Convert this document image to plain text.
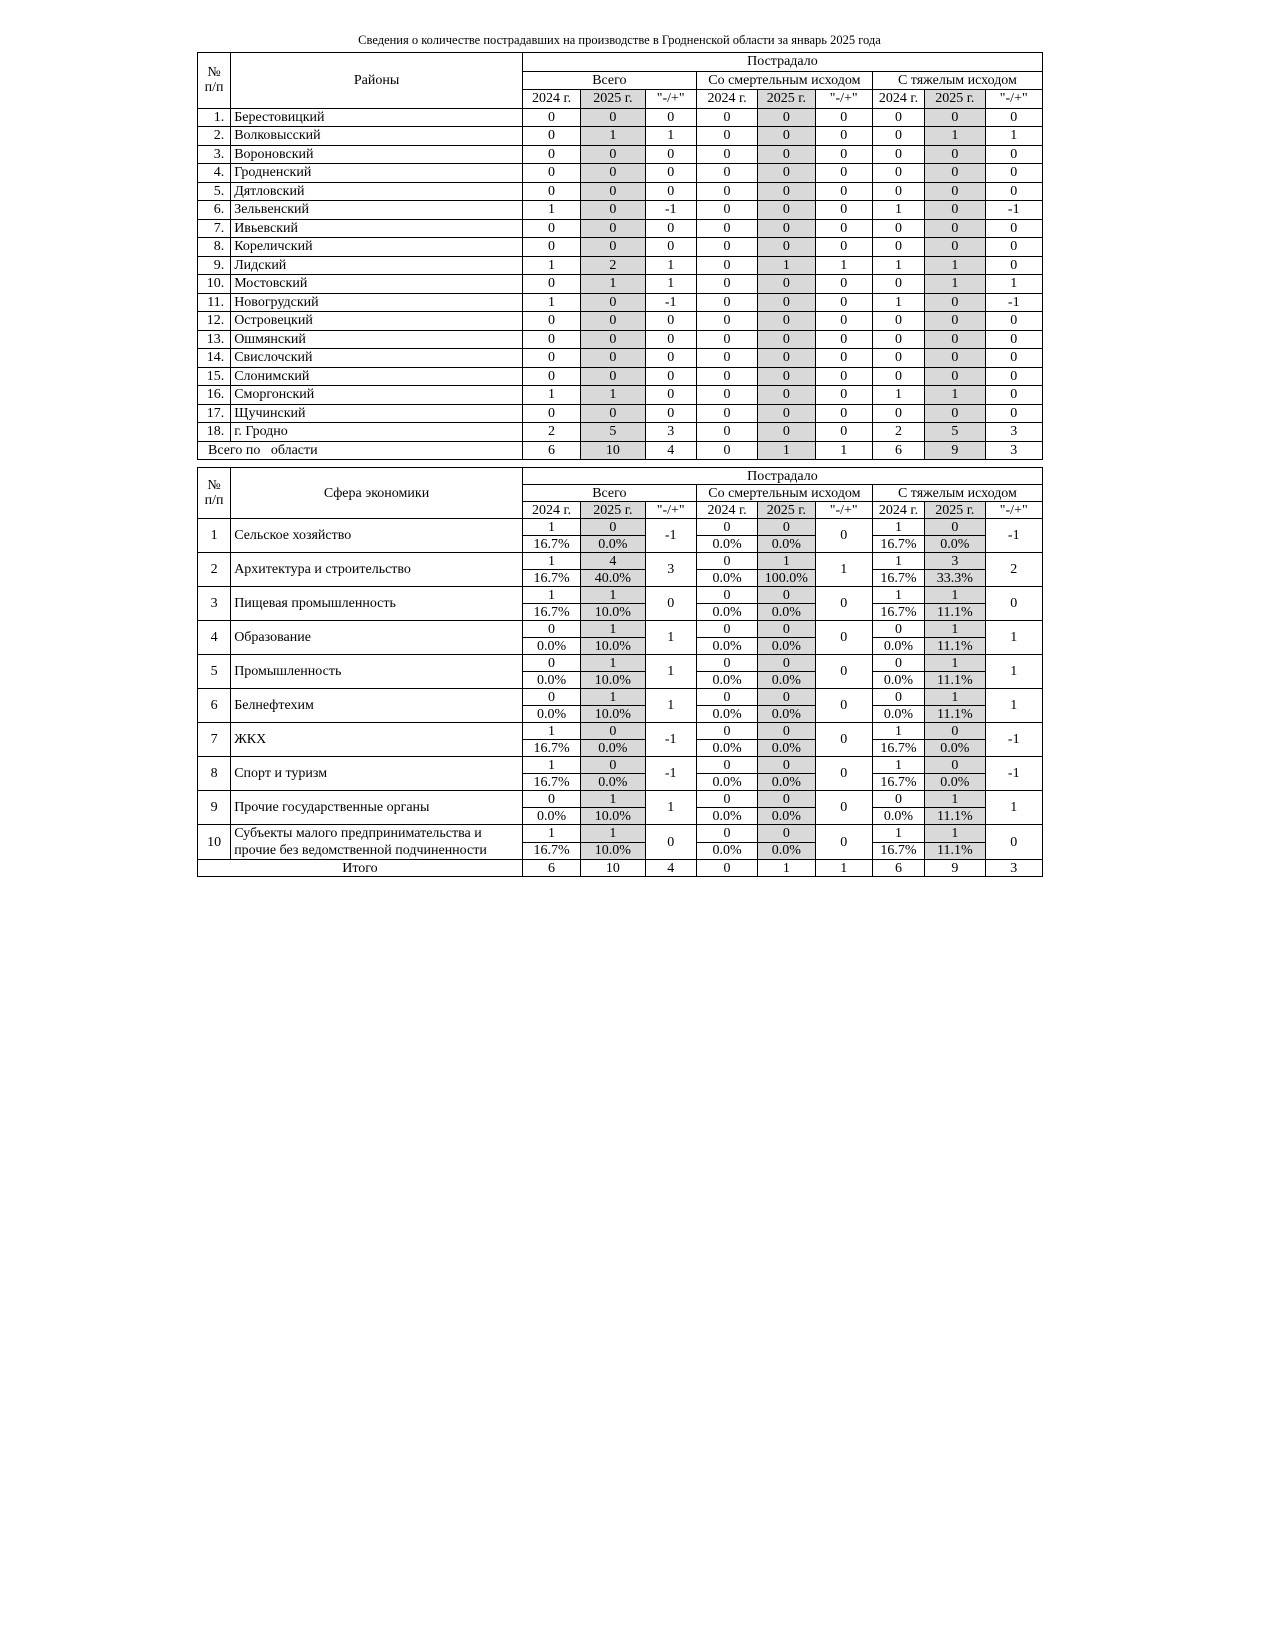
Сведения о количестве пострадавших на производстве в Гродненской области за январь 2025 года
№ п/п	Районы	Пострадало								
		Всего			Со смертельным исходом			С тяжелым исходом		
		2024 г.	2025 г.	"-/+"	2024 г.	2025 г.	"-/+"	2024 г.	2025 г.	"-/+"
1.	Берестовицкий	0	0	0	0	0	0	0	0	0
2.	Волковысский	0	1	1	0	0	0	0	1	1
3.	Вороновский	0	0	0	0	0	0	0	0	0
4.	Гродненский	0	0	0	0	0	0	0	0	0
5.	Дятловский	0	0	0	0	0	0	0	0	0
6.	Зельвенский	1	0	-1	0	0	0	1	0	-1
7.	Ивьевский	0	0	0	0	0	0	0	0	0
8.	Кореличский	0	0	0	0	0	0	0	0	0
9.	Лидский	1	2	1	0	1	1	1	1	0
10.	Мостовский	0	1	1	0	0	0	0	1	1
11.	Новогрудский	1	0	-1	0	0	0	1	0	-1
12.	Островецкий	0	0	0	0	0	0	0	0	0
13.	Ошмянский	0	0	0	0	0	0	0	0	0
14.	Свислочский	0	0	0	0	0	0	0	0	0
15.	Слонимский	0	0	0	0	0	0	0	0	0
16.	Сморгонский	1	1	0	0	0	0	1	1	0
17.	Щучинский	0	0	0	0	0	0	0	0	0
18.	г. Гродно	2	5	3	0	0	0	2	5	3
Всего по   области		6	10	4	0	1	1	6	9	3
№ п/п	Сфера экономики	Пострадало								
		Всего			Со смертельным исходом			С тяжелым исходом		
		2024 г.	2025 г.	"-/+"	2024 г.	2025 г.	"-/+"	2024 г.	2025 г.	"-/+"
1	Сельское хозяйство	1	0	-1	0	0	0	1	0	-1
		16.7%	0.0%		0.0%	0.0%		16.7%	0.0%	
2	Архитектура и строительство	1	4	3	0	1	1	1	3	2
		16.7%	40.0%		0.0%	100.0%		16.7%	33.3%	
3	Пищевая промышленность	1	1	0	0	0	0	1	1	0
		16.7%	10.0%		0.0%	0.0%		16.7%	11.1%	
4	Образование	0	1	1	0	0	0	0	1	1
		0.0%	10.0%		0.0%	0.0%		0.0%	11.1%	
5	Промышленность	0	1	1	0	0	0	0	1	1
		0.0%	10.0%		0.0%	0.0%		0.0%	11.1%	
6	Белнефтехим	0	1	1	0	0	0	0	1	1
		0.0%	10.0%		0.0%	0.0%		0.0%	11.1%	
7	ЖКХ	1	0	-1	0	0	0	1	0	-1
		16.7%	0.0%		0.0%	0.0%		16.7%	0.0%	
8	Спорт и туризм	1	0	-1	0	0	0	1	0	-1
		16.7%	0.0%		0.0%	0.0%		16.7%	0.0%	
9	Прочие государственные органы	0	1	1	0	0	0	0	1	1
		0.0%	10.0%		0.0%	0.0%		0.0%	11.1%	
10	Субъекты малого предпринимательства и прочие без ведомственной подчиненности	1	1	0	0	0	0	1	1	0
		16.7%	10.0%		0.0%	0.0%		16.7%	11.1%	
Итого		6	10	4	0	1	1	6	9	3
